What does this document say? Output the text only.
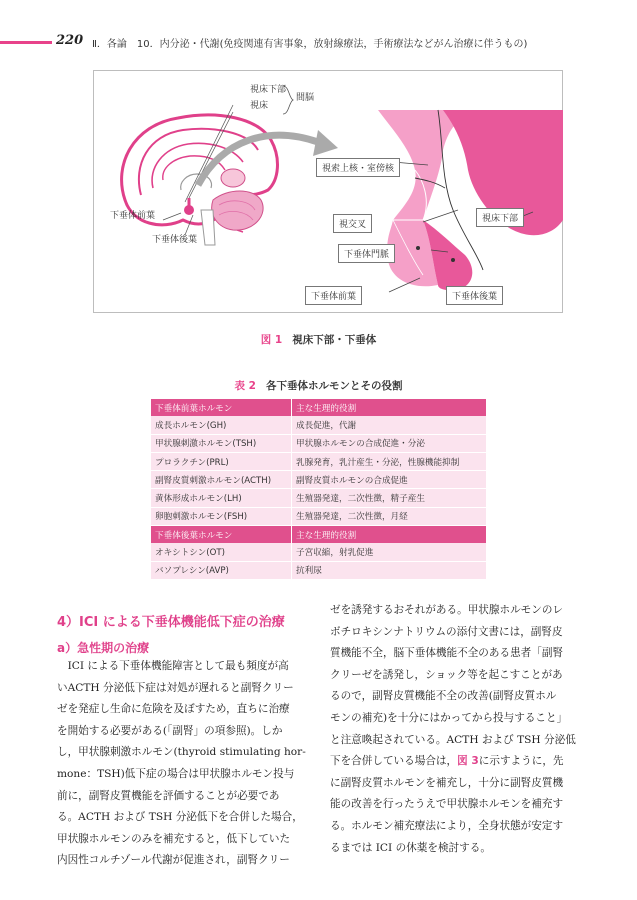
220 Ⅱ．各論　10．内分泌・代謝(免疫関連有害事象，放射線療法，手術療法などがん治療に伴うもの)
視床下部
視床
間脳
下垂体前葉
下垂体後葉
視索上核・室傍核
視交叉
視床下部
下垂体門脈
下垂体前葉	下垂体後葉
図 1 視床下部・下垂体
表 2 各下垂体ホルモンとその役割
下垂体前葉ホルモン	主な生理的役割
成長ホルモン(GH)	成長促進，代謝
甲状腺刺激ホルモン(TSH)	甲状腺ホルモンの合成促進・分泌
プロラクチン(PRL)	乳腺発育，乳汁産生・分泌，性腺機能抑制
副腎皮質刺激ホルモン(ACTH)	副腎皮質ホルモンの合成促進
黄体形成ホルモン(LH)	生殖器発達，二次性徴，精子産生
卵胞刺激ホルモン(FSH)	生殖器発達，二次性徴，月経
下垂体後葉ホルモン	主な生理的役割
オキシトシン(OT)	子宮収縮，射乳促進
バソプレシン(AVP)	抗利尿
4）ICI による下垂体機能低下症の治療
a）急性期の治療
　ICI による下垂体機能障害として最も頻度が高
いACTH 分泌低下症は対処が遅れると副腎クリー
ゼを発症し生命に危険を及ぼすため，直ちに治療
を開始する必要がある(「副腎」の項参照)。しか
し，甲状腺刺激ホルモン(thyroid stimulating hor-
mone：TSH)低下症の場合は甲状腺ホルモン投与
前に，副腎皮質機能を評価することが必要であ
る。ACTH および TSH 分泌低下を合併した場合，
甲状腺ホルモンのみを補充すると，低下していた
内因性コルチゾール代謝が促進され，副腎クリー
ゼを誘発するおそれがある。甲状腺ホルモンのレ
ボチロキシンナトリウムの添付文書には，副腎皮
質機能不全，脳下垂体機能不全のある患者「副腎
クリーゼを誘発し，ショック等を起こすことがあ
るので，副腎皮質機能不全の改善(副腎皮質ホル
モンの補充)を十分にはかってから投与すること」
と注意喚起されている。ACTH および TSH 分泌低
下を合併している場合は，図 3に示すように，先
に副腎皮質ホルモンを補充し，十分に副腎皮質機
能の改善を行ったうえで甲状腺ホルモンを補充す
る。ホルモン補充療法により，全身状態が安定す
るまでは ICI の休薬を検討する。
